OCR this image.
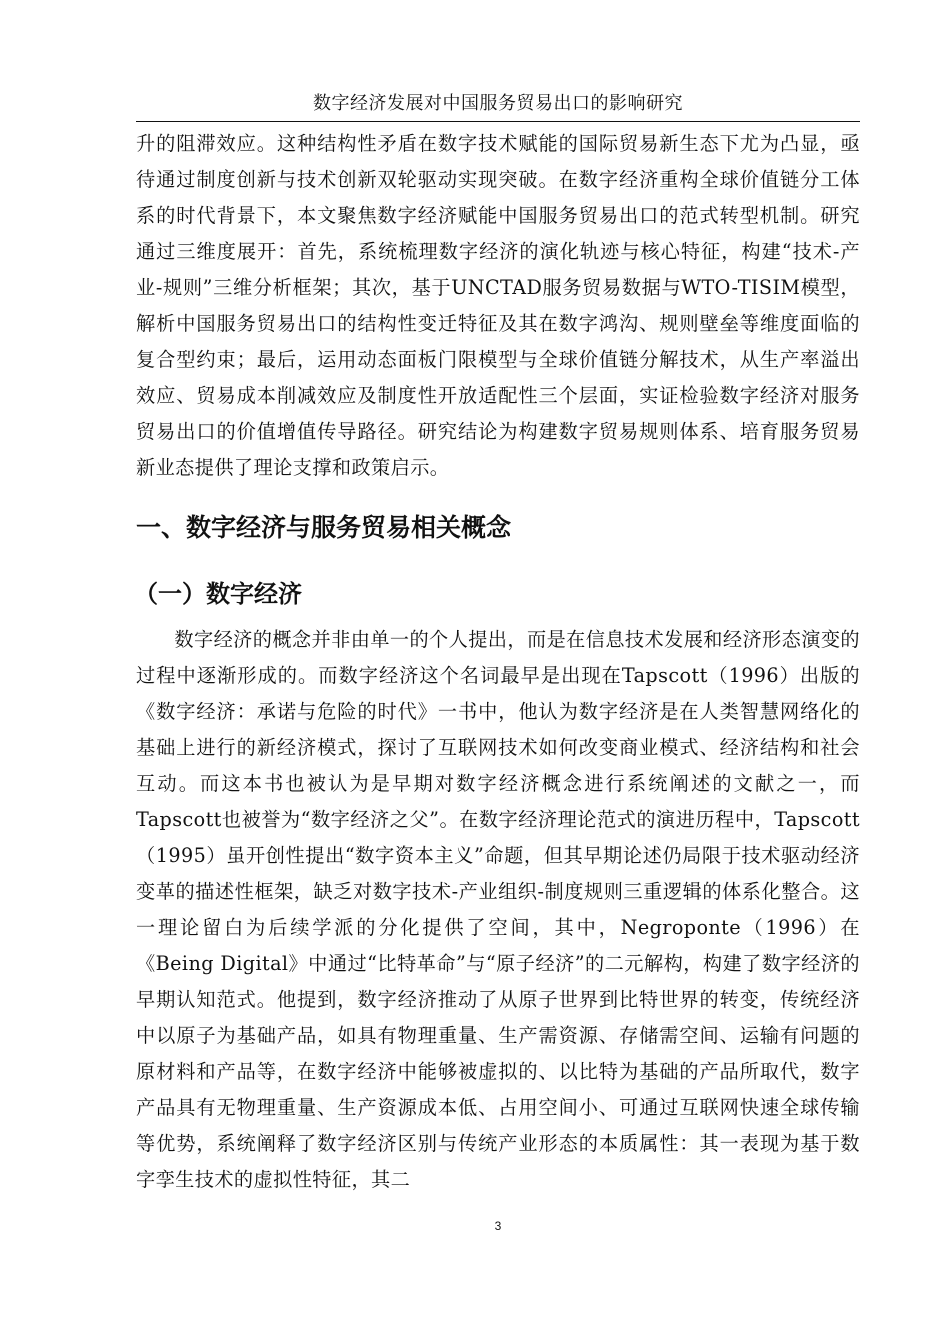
数字经济发展对中国服务贸易出口的影响研究

升的阻滞效应。这种结构性矛盾在数字技术赋能的国际贸易新生态下尤为凸显，亟待通过制度创新与技术创新双轮驱动实现突破。在数字经济重构全球价值链分工体系的时代背景下，本文聚焦数字经济赋能中国服务贸易出口的范式转型机制。研究通过三维度展开：首先，系统梳理数字经济的演化轨迹与核心特征，构建“技术-产业-规则”三维分析框架；其次，基于UNCTAD服务贸易数据与WTO-TISIM模型，解析中国服务贸易出口的结构性变迁特征及其在数字鸿沟、规则壁垒等维度面临的复合型约束；最后，运用动态面板门限模型与全球价值链分解技术，从生产率溢出效应、贸易成本削减效应及制度性开放适配性三个层面，实证检验数字经济对服务贸易出口的价值增值传导路径。研究结论为构建数字贸易规则体系、培育服务贸易新业态提供了理论支撑和政策启示。

一、数字经济与服务贸易相关概念
（一）数字经济

数字经济的概念并非由单一的个人提出，而是在信息技术发展和经济形态演变的过程中逐渐形成的。而数字经济这个名词最早是出现在Tapscott（1996）出版的《数字经济：承诺与危险的时代》一书中，他认为数字经济是在人类智慧网络化的基础上进行的新经济模式，探讨了互联网技术如何改变商业模式、经济结构和社会互动。而这本书也被认为是早期对数字经济概念进行系统阐述的文献之一，而Tapscott也被誉为“数字经济之父”。在数字经济理论范式的演进历程中，Tapscott（1995）虽开创性提出“数字资本主义”命题，但其早期论述仍局限于技术驱动经济变革的描述性框架，缺乏对数字技术-产业组织-制度规则三重逻辑的体系化整合。这一理论留白为后续学派的分化提供了空间，其中，Negroponte（1996）在《Being Digital》中通过“比特革命”与“原子经济”的二元解构，构建了数字经济的早期认知范式。他提到，数字经济推动了从原子世界到比特世界的转变，传统经济中以原子为基础产品，如具有物理重量、生产需资源、存储需空间、运输有问题的原材料和产品等，在数字经济中能够被虚拟的、以比特为基础的产品所取代，数字产品具有无物理重量、生产资源成本低、占用空间小、可通过互联网快速全球传输等优势，系统阐释了数字经济区别与传统产业形态的本质属性：其一表现为基于数字孪生技术的虚拟性特征，其二

3
